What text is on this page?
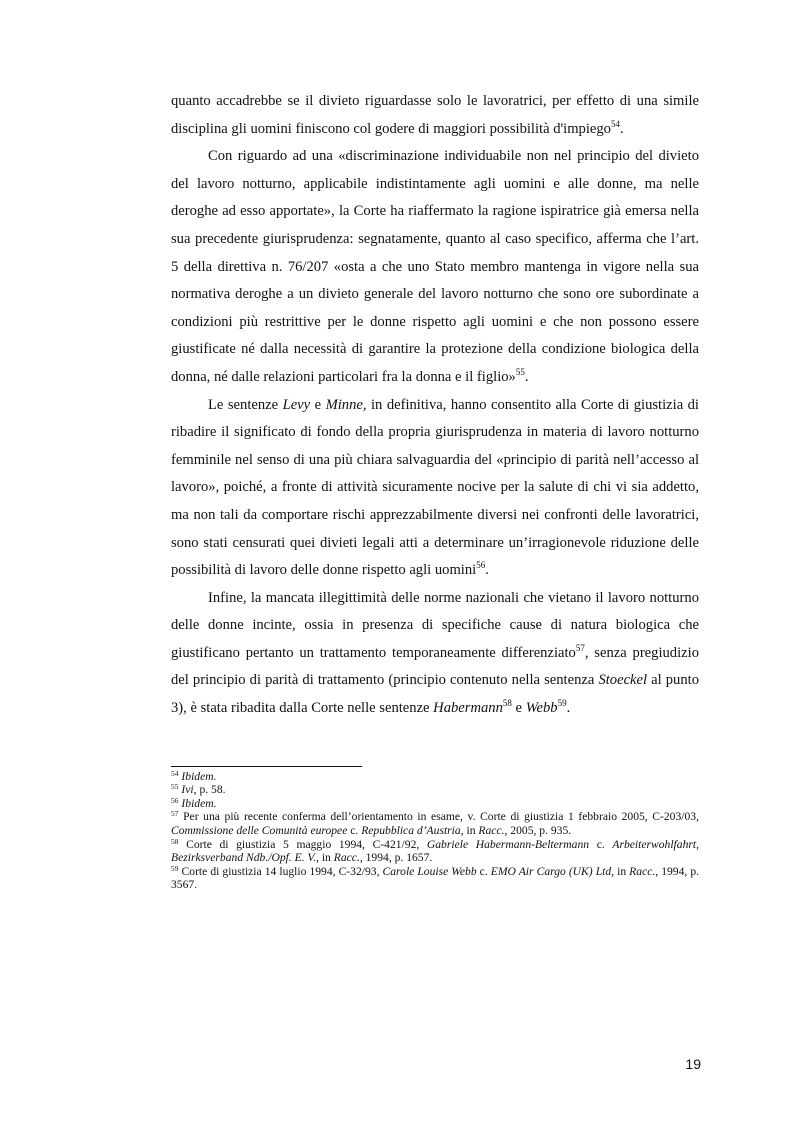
quanto accadrebbe se il divieto riguardasse solo le lavoratrici, per effetto di una simile disciplina gli uomini finiscono col godere di maggiori possibilità d'impiego$^{54}$.

Con riguardo ad una «discriminazione individuabile non nel principio del divieto del lavoro notturno, applicabile indistintamente agli uomini e alle donne, ma nelle deroghe ad esso apportate», la Corte ha riaffermato la ragione ispiratrice già emersa nella sua precedente giurisprudenza: segnatamente, quanto al caso specifico, afferma che l’art. 5 della direttiva n. 76/207 «osta a che uno Stato membro mantenga in vigore nella sua normativa deroghe a un divieto generale del lavoro notturno che sono ore subordinate a condizioni più restrittive per le donne rispetto agli uomini e che non possono essere giustificate né dalla necessità di garantire la protezione della condizione biologica della donna, né dalle relazioni particolari fra la donna e il figlio»$^{55}$.

Le sentenze Levy e Minne, in definitiva, hanno consentito alla Corte di giustizia di ribadire il significato di fondo della propria giurisprudenza in materia di lavoro notturno femminile nel senso di una più chiara salvaguardia del «principio di parità nell’accesso al lavoro», poiché, a fronte di attività sicuramente nocive per la salute di chi vi sia addetto, ma non tali da comportare rischi apprezzabilmente diversi nei confronti delle lavoratrici, sono stati censurati quei divieti legali atti a determinare un’irragionevole riduzione delle possibilità di lavoro delle donne rispetto agli uomini$^{56}$.

Infine, la mancata illegittimità delle norme nazionali che vietano il lavoro notturno delle donne incinte, ossia in presenza di specifiche cause di natura biologica che giustificano pertanto un trattamento temporaneamente differenziato$^{57}$, senza pregiudizio del principio di parità di trattamento (principio contenuto nella sentenza Stoeckel al punto 3), è stata ribadita dalla Corte nelle sentenze Habermann$^{58}$ e Webb$^{59}$.

$^{54}$ Ibidem.

$^{55}$ Ivi, p. 58.

$^{56}$ Ibidem.

$^{57}$ Per una più recente conferma dell’orientamento in esame, v. Corte di giustizia 1 febbraio 2005, C-203/03, Commissione delle Comunità europee c. Repubblica d’Austria, in Racc., 2005, p. 935.

$^{58}$ Corte di giustizia 5 maggio 1994, C-421/92, Gabriele Habermann-Beltermann c. Arbeiterwohlfahrt, Bezirksverband Ndb./Opf. E. V., in Racc., 1994, p. 1657.

$^{59}$ Corte di giustizia 14 luglio 1994, C-32/93, Carole Louise Webb c. EMO Air Cargo (UK) Ltd, in Racc., 1994, p. 3567.

19
